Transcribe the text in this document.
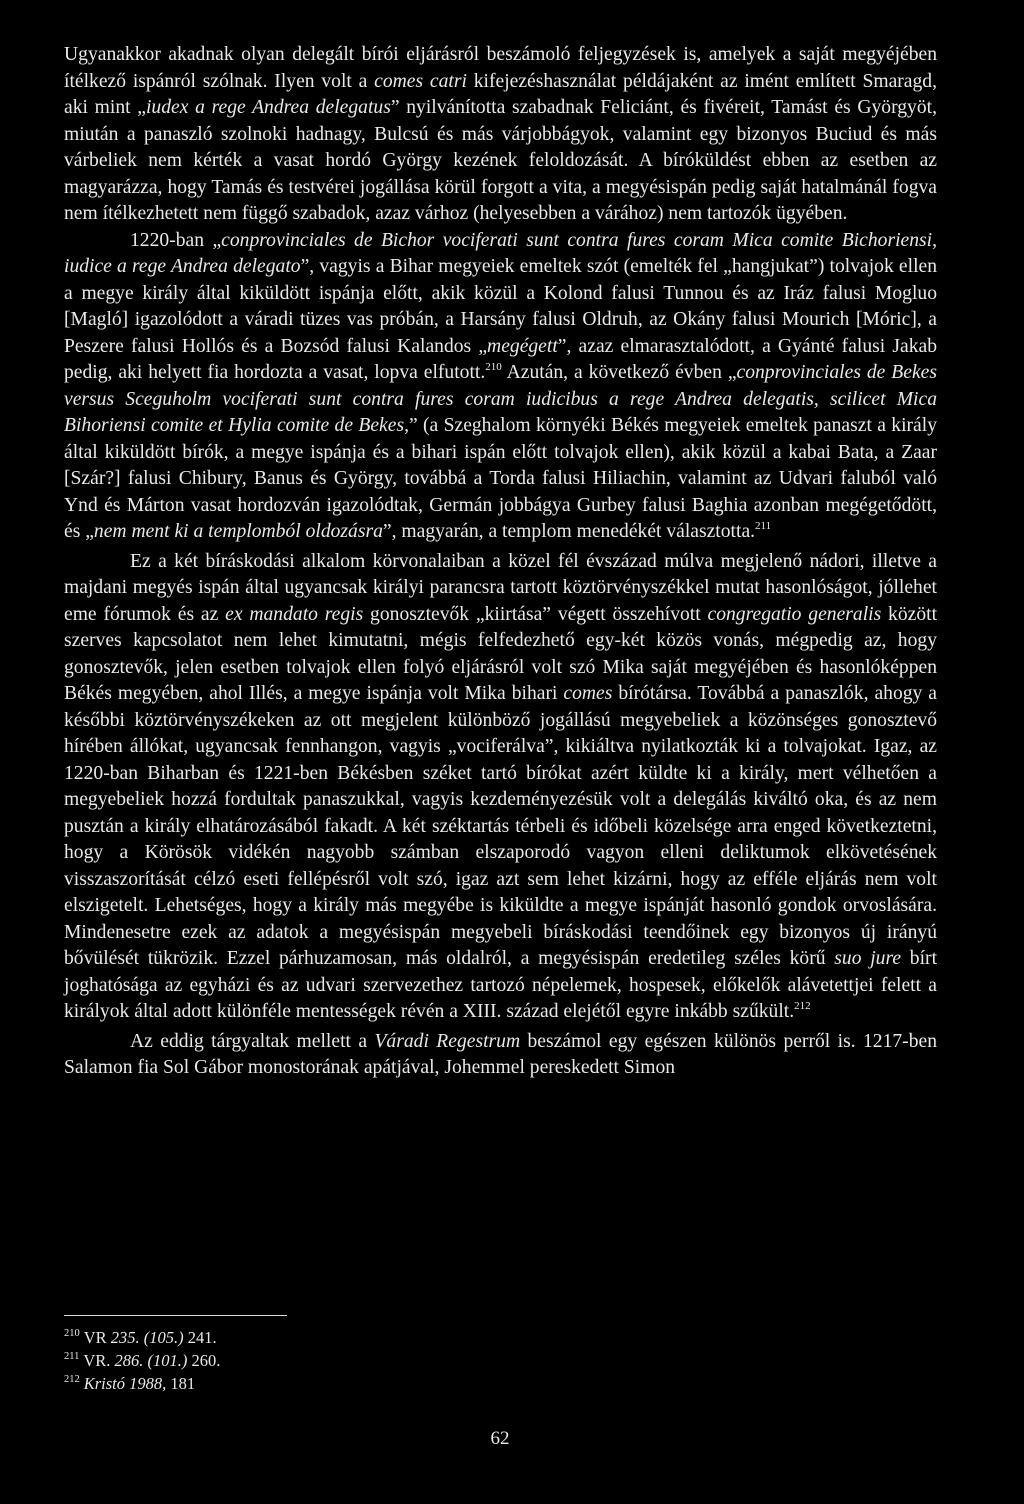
Ugyanakkor akadnak olyan delegált bírói eljárásról beszámoló feljegyzések is, amelyek a saját megyéjében ítélkező ispánról szólnak. Ilyen volt a comes catri kifejezéshasználat példájaként az imént említett Smaragd, aki mint „iudex a rege Andrea delegatus” nyilvánította szabadnak Feliciánt, és fivéreit, Tamást és Györgyöt, miután a panaszló szolnoki hadnagy, Bulcsú és más várjobbágyok, valamint egy bizonyos Buciud és más várbeliek nem kérték a vasat hordó György kezének feloldozását. A bíróküldést ebben az esetben az magyarázza, hogy Tamás és testvérei jogállása körül forgott a vita, a megyésispán pedig saját hatalmánál fogva nem ítélkezhetett nem függő szabadok, azaz várhoz (helyesebben a várához) nem tartozók ügyében.

1220-ban „conprovinciales de Bichor vociferati sunt contra fures coram Mica comite Bichoriensi, iudice a rege Andrea delegato”, vagyis a Bihar megyeiek emeltek szót (emelték fel „hangjukat”) tolvajok ellen a megye király által kiküldött ispánja előtt, akik közül a Kolond falusi Tunnou és az Iráz falusi Mogluo [Magló] igazolódott a váradi tüzes vas próbán, a Harsány falusi Oldruh, az Okány falusi Mourich [Móric], a Peszere falusi Hollós és a Bozsód falusi Kalandos „megégett”, azaz elmarasztalódott, a Gyánté falusi Jakab pedig, aki helyett fia hordozta a vasat, lopva elfutott.$^{210}$ Azután, a következő évben „conprovinciales de Bekes versus Sceguholm vociferati sunt contra fures coram iudicibus a rege Andrea delegatis, scilicet Mica Bihoriensi comite et Hylia comite de Bekes,” (a Szeghalom környéki Békés megyeiek emeltek panaszt a király által kiküldött bírók, a megye ispánja és a bihari ispán előtt tolvajok ellen), akik közül a kabai Bata, a Zaar [Szár?] falusi Chibury, Banus és György, továbbá a Torda falusi Hiliachin, valamint az Udvari faluból való Ynd és Márton vasat hordozván igazolódtak, Germán jobbágya Gurbey falusi Baghia azonban megégetődött, és „nem ment ki a templomból oldozásra”, magyarán, a templom menedékét választotta.$^{211}$

Ez a két bíráskodási alkalom körvonalaiban a közel fél évszázad múlva megjelenő nádori, illetve a majdani megyés ispán által ugyancsak királyi parancsra tartott köztörvényszékkel mutat hasonlóságot, jóllehet eme fórumok és az ex mandato regis gonosztevők „kiirtása” végett összehívott congregatio generalis között szerves kapcsolatot nem lehet kimutatni, mégis felfedezhető egy-két közös vonás, mégpedig az, hogy gonosztevők, jelen esetben tolvajok ellen folyó eljárásról volt szó Mika saját megyéjében és hasonlóképpen Békés megyében, ahol Illés, a megye ispánja volt Mika bihari comes bírótársa. Továbbá a panaszlók, ahogy a későbbi köztörvényszékeken az ott megjelent különböző jogállású megyebeliek a közönséges gonosztevő hírében állókat, ugyancsak fennhangon, vagyis „vociferálva”, kikiáltva nyilatkozták ki a tolvajokat. Igaz, az 1220-ban Biharban és 1221-ben Békésben széket tartó bírókat azért küldte ki a király, mert vélhetően a megyebeliek hozzá fordultak panaszukkal, vagyis kezdeményezésük volt a delegálás kiváltó oka, és az nem pusztán a király elhatározásából fakadt. A két széktartás térbeli és időbeli közelsége arra enged következtetni, hogy a Körösök vidékén nagyobb számban elszaporodó vagyon elleni deliktumok elkövetésének visszaszorítását célzó eseti fellépésről volt szó, igaz azt sem lehet kizárni, hogy az efféle eljárás nem volt elszigetelt. Lehetséges, hogy a király más megyébe is kiküldte a megye ispánját hasonló gondok orvoslására. Mindenesetre ezek az adatok a megyésispán megyebeli bíráskodási teendőinek egy bizonyos új irányú bővülését tükrözik. Ezzel párhuzamosan, más oldalról, a megyésispán eredetileg széles körű suo jure bírt joghatósága az egyházi és az udvari szervezethez tartozó népelemek, hospesek, előkelők alávetettjei felett a királyok által adott különféle mentességek révén a XIII. század elejétől egyre inkább szűkült.$^{212}$

Az eddig tárgyaltak mellett a Váradi Regestrum beszámol egy egészen különös perről is. 1217-ben Salamon fia Sol Gábor monostorának apátjával, Johemmel pereskedett Simon

$^{210}$ VR 235. (105.) 241.
$^{211}$ VR. 286. (101.) 260.
$^{212}$ Kristó 1988, 181
62
